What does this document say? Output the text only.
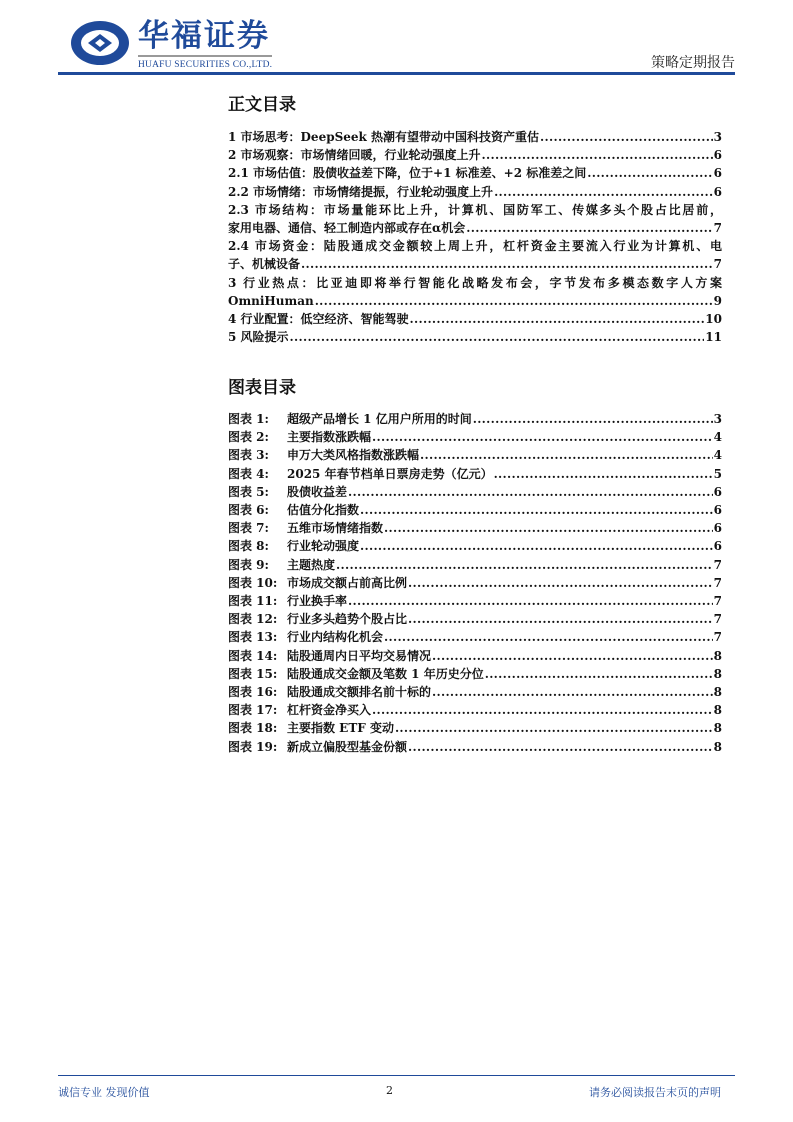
华福证券
HUAFU SECURITIES CO.,LTD.	策略定期报告
正文目录
1 市场思考：DeepSeek 热潮有望带动中国科技资产重估 .....	3
2 市场观察：市场情绪回暖，行业轮动强度上升 .....	6
2.1 市场估值：股债收益差下降，位于+1 标准差、+2 标准差之间 .....	6
2.2 市场情绪：市场情绪提振，行业轮动强度上升 .....	6
2.3 市场结构：市场量能环比上升，计算机、国防军工、传媒多头个股占比居前，
家用电器、通信、轻工制造内部或存在α机会 .....	7
2.4 市场资金：陆股通成交金额较上周上升，杠杆资金主要流入行业为计算机、电
子、机械设备 .....	7
3 行业热点：比亚迪即将举行智能化战略发布会，字节发布多模态数字人方案
OmniHuman .....	9
4 行业配置：低空经济、智能驾驶 .....	10
5 风险提示 .....	11
图表目录
图表 1:	超级产品增长 1 亿用户所用的时间 .....	3
图表 2:	主要指数涨跌幅 .....	4
图表 3:	申万大类风格指数涨跌幅 .....	4
图表 4:	2025 年春节档单日票房走势（亿元） .....	5
图表 5:	股债收益差 .....	6
图表 6:	估值分化指数 .....	6
图表 7:	五维市场情绪指数 .....	6
图表 8:	行业轮动强度 .....	6
图表 9:	主题热度 .....	7
图表 10: 市场成交额占前高比例 .....	7
图表 11: 行业换手率 .....	7
图表 12: 行业多头趋势个股占比 .....	7
图表 13: 行业内结构化机会 .....	7
图表 14: 陆股通周内日平均交易情况 .....	8
图表 15: 陆股通成交金额及笔数 1 年历史分位 .....	8
图表 16: 陆股通成交额排名前十标的 .....	8
图表 17: 杠杆资金净买入 .....	8
图表 18: 主要指数 ETF 变动 .....	8
图表 19: 新成立偏股型基金份额 .....	8
诚信专业 发现价值	2	请务必阅读报告末页的声明
